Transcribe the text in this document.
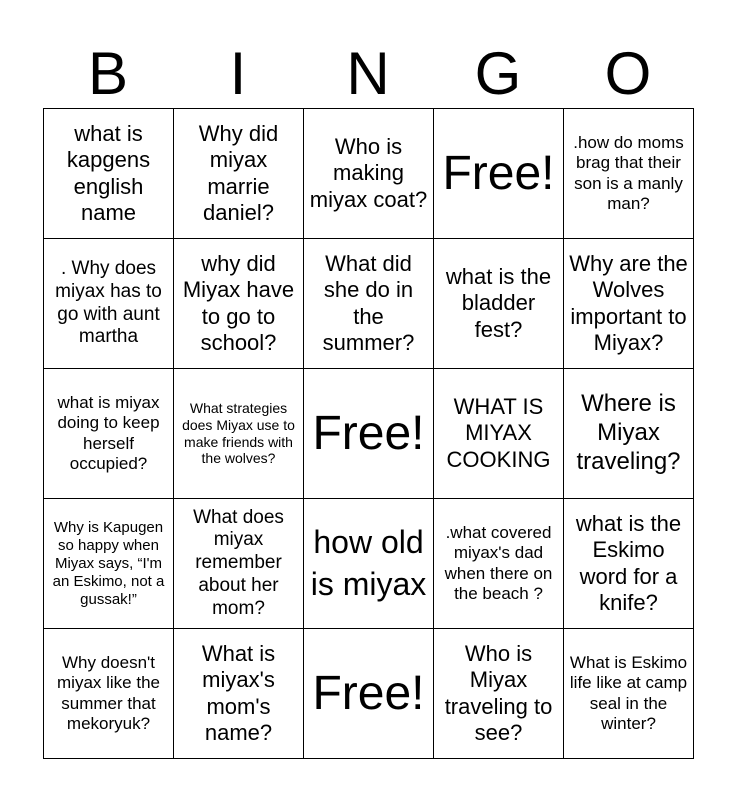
B	I	N	G	O
what is kapgens english name	Why did miyax marrie daniel?	Who is making miyax coat?	Free!	.how do moms brag that their son is a manly man?
. Why does miyax has to go with aunt martha	why did Miyax have to go to school?	What did she do in the summer?	what is the bladder fest?	Why are the Wolves important to Miyax?
what is miyax doing to keep herself occupied?	What strategies does Miyax use to make friends with the wolves?	Free!	WHAT IS MIYAX COOKING	Where is Miyax traveling?
Why is Kapugen so happy when Miyax says, “I'm an Eskimo, not a gussak!”	What does miyax remember about her mom?	how old is miyax	.what covered miyax's dad when there on the beach ?	what is the Eskimo word for a knife?
Why doesn't miyax like the summer that mekoryuk?	What is miyax's mom's name?	Free!	Who is Miyax traveling to see?	What is Eskimo life like at camp seal in the winter?
